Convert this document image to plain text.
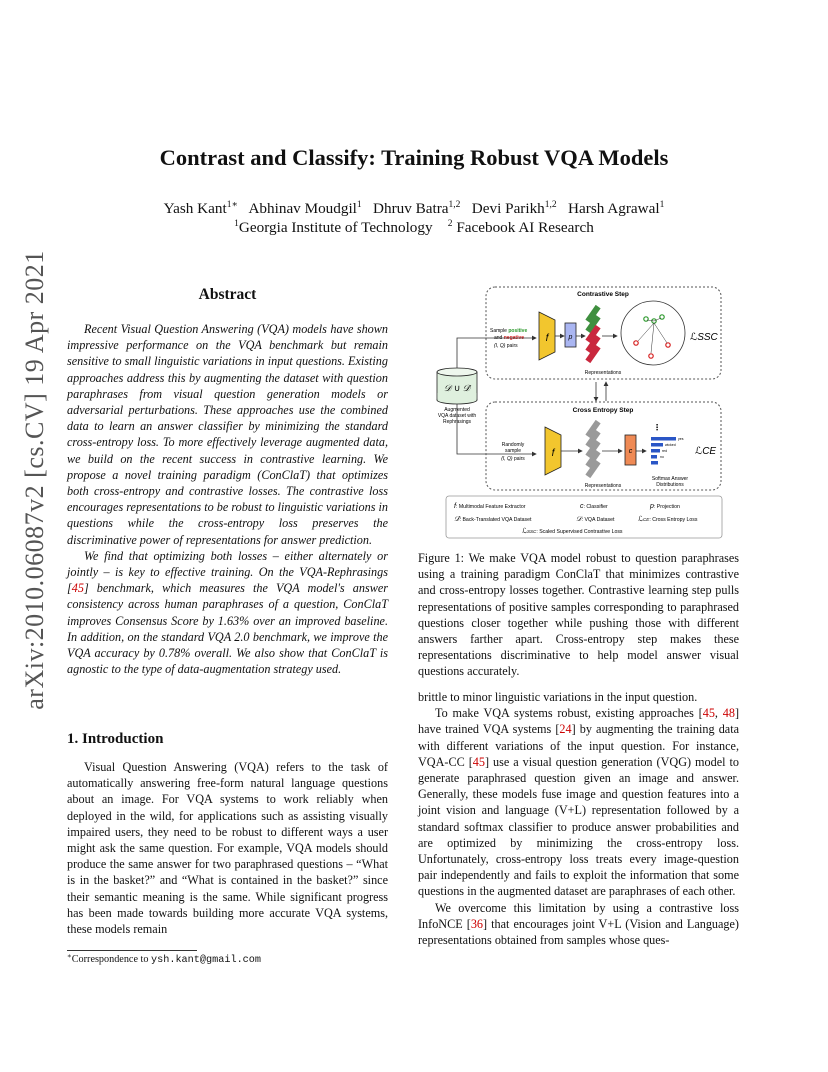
arXiv:2010.06087v2 [cs.CV] 19 Apr 2021
Contrast and Classify: Training Robust VQA Models
Yash Kant$^{1∗}$ Abhinav Moudgil$^1$ Dhruv Batra$^{1,2}$ Devi Parikh$^{1,2}$ Harsh Agrawal$^1$
$^1$Georgia Institute of Technology $^2$ Facebook AI Research
Abstract

Recent Visual Question Answering (VQA) models have shown impressive performance on the VQA benchmark but remain sensitive to small linguistic variations in input questions. Existing approaches address this by augmenting the dataset with question paraphrases from visual question generation models or adversarial perturbations. These approaches use the combined data to learn an answer classifier by minimizing the standard cross-entropy loss. To more effectively leverage augmented data, we build on the recent success in contrastive learning. We propose a novel training paradigm (ConClaT) that optimizes both cross-entropy and contrastive losses. The contrastive loss encourages representations to be robust to linguistic variations in questions while the cross-entropy loss preserves the discriminative power of representations for answer prediction.

We find that optimizing both losses – either alternately or jointly – is key to effective training. On the VQA-Rephrasings [45] benchmark, which measures the VQA model's answer consistency across human paraphrases of a question, ConClaT improves Consensus Score by 1.63% over an improved baseline. In addition, on the standard VQA 2.0 benchmark, we improve the VQA accuracy by 0.78% overall. We also show that ConClaT is agnostic to the type of data-augmentation strategy used.

1. Introduction

Visual Question Answering (VQA) refers to the task of automatically answering free-form natural language questions about an image. For VQA systems to work reliably when deployed in the wild, for applications such as assisting visually impaired users, they need to be robust to different ways a user might ask the same question. For example, VQA models should produce the same answer for two paraphrased questions – “What is in the basket?” and “What is contained in the basket?” since their semantic meaning is the same. While significant progress has been made towards building more accurate VQA systems, these models remain

∗Correspondence to ysh.kant@gmail.com
Contrastive Step
Sample positive
and negative
(I, Q) pairs
f	p
Representations
ℒSSC
𝒟 ∪ 𝒟̂
Augmented
VQA dataset with
Rephrasings
Cross Entropy Step
Randomly
sample
(I, Q) pairs	f
Representations
c
⋮
yes
wicked
red
no	ℒCE
Softmax Answer
Distributions
f: Multimodal Feature Extractor	c: Classifier	p: Projection
𝒟̂: Back-Translated VQA Dataset	𝒟: VQA Dataset	ℒCE: Cross Entropy Loss
ℒSSC: Scaled Supervised Contrastive Loss
Figure 1: We make VQA model robust to question paraphrases using a training paradigm ConClaT that minimizes contrastive and cross-entropy losses together. Contrastive learning step pulls representations of positive samples corresponding to paraphrased questions closer together while pushing those with different answers farther apart. Cross-entropy step makes these representations discriminative to help model answer visual questions accurately.

brittle to minor linguistic variations in the input question.

To make VQA systems robust, existing approaches [45, 48] have trained VQA systems [24] by augmenting the training data with different variations of the input question. For instance, VQA-CC [45] use a visual question generation (VQG) model to generate paraphrased question given an image and answer. Generally, these models fuse image and question features into a joint vision and language (V+L) representation followed by a standard softmax classifier to produce answer probabilities and are optimized by minimizing the cross-entropy loss. Unfortunately, cross-entropy loss treats every image-question pair independently and fails to exploit the information that some questions in the augmented dataset are paraphrases of each other.

We overcome this limitation by using a contrastive loss InfoNCE [36] that encourages joint V+L (Vision and Language) representations obtained from samples whose ques-
